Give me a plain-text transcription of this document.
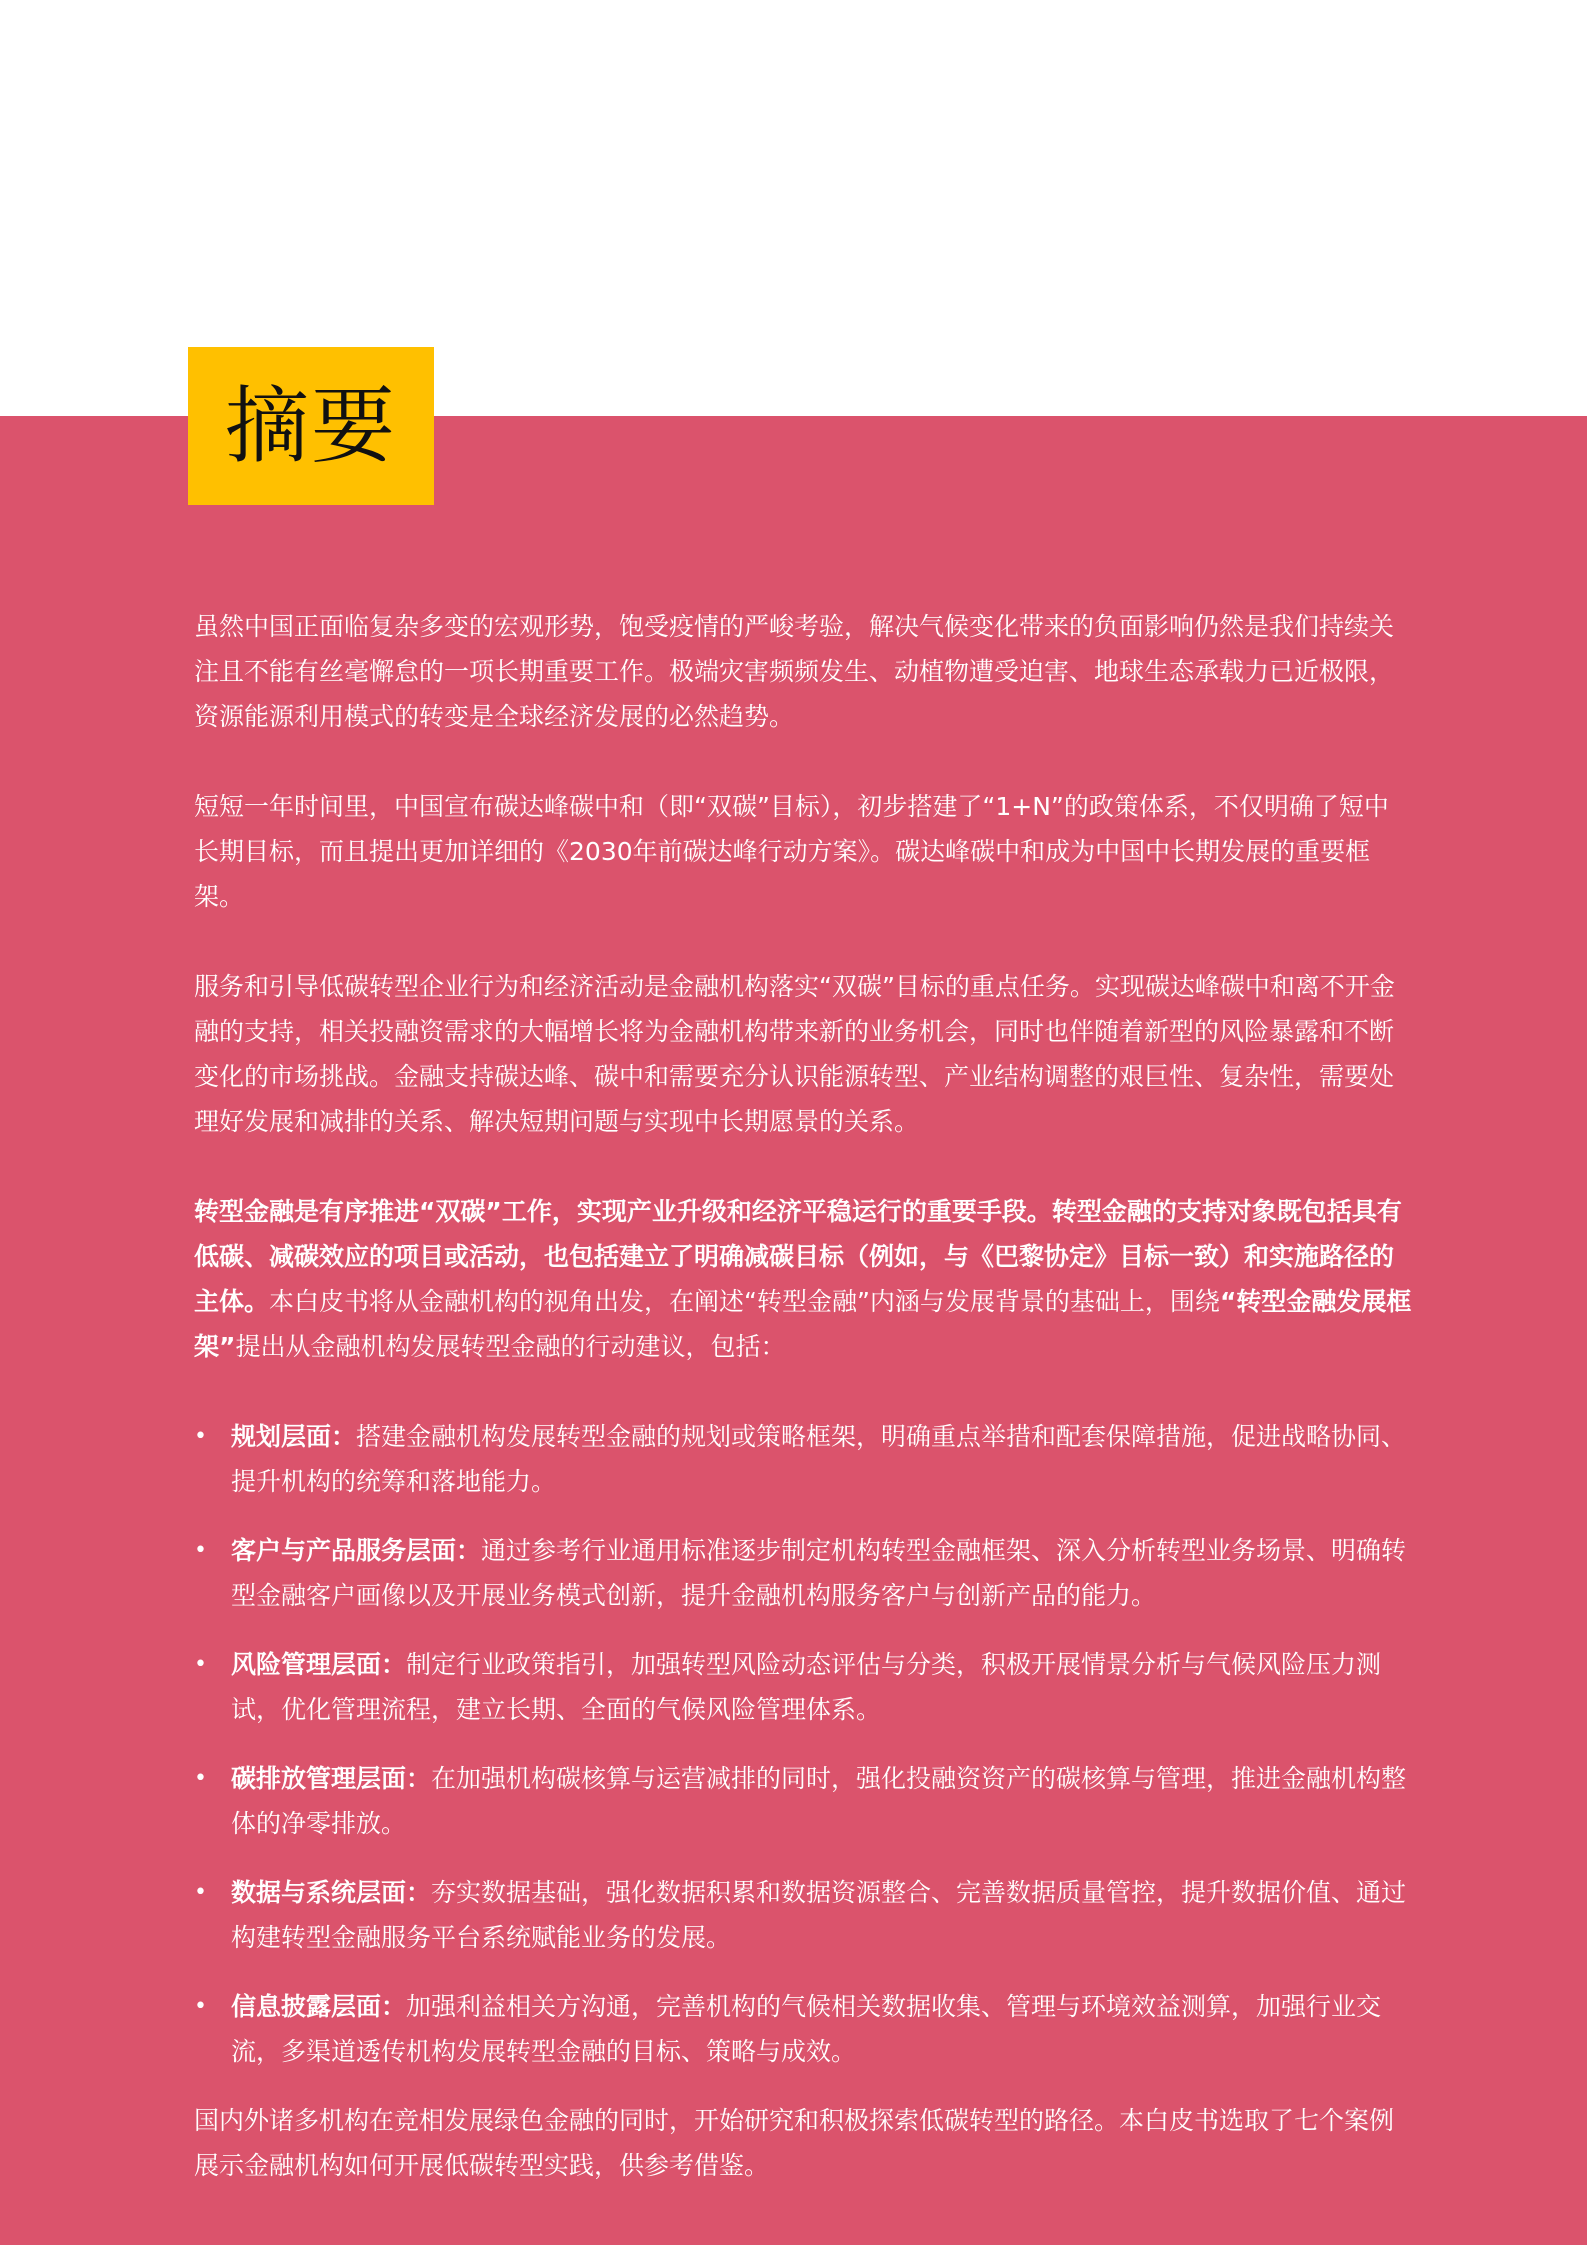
摘要

虽然中国正面临复杂多变的宏观形势，饱受疫情的严峻考验，解决气候变化带来的负面影响仍然是我们持续关注且不能有丝毫懈怠的一项长期重要工作。极端灾害频频发生、动植物遭受迫害、地球生态承载力已近极限，资源能源利用模式的转变是全球经济发展的必然趋势。

短短一年时间里，中国宣布碳达峰碳中和（即“双碳”目标），初步搭建了“1+N”的政策体系，不仅明确了短中长期目标，而且提出更加详细的《2030年前碳达峰行动方案》。碳达峰碳中和成为中国中长期发展的重要框架。

服务和引导低碳转型企业行为和经济活动是金融机构落实“双碳”目标的重点任务。实现碳达峰碳中和离不开金融的支持，相关投融资需求的大幅增长将为金融机构带来新的业务机会，同时也伴随着新型的风险暴露和不断变化的市场挑战。金融支持碳达峰、碳中和需要充分认识能源转型、产业结构调整的艰巨性、复杂性，需要处理好发展和减排的关系、解决短期问题与实现中长期愿景的关系。

转型金融是有序推进“双碳”工作，实现产业升级和经济平稳运行的重要手段。转型金融的支持对象既包括具有低碳、减碳效应的项目或活动，也包括建立了明确减碳目标（例如，与《巴黎协定》目标一致）和实施路径的主体。本白皮书将从金融机构的视角出发，在阐述“转型金融”内涵与发展背景的基础上，围绕“转型金融发展框架”提出从金融机构发展转型金融的行动建议，包括：

• 规划层面：搭建金融机构发展转型金融的规划或策略框架，明确重点举措和配套保障措施，促进战略协同、提升机构的统筹和落地能力。
• 客户与产品服务层面：通过参考行业通用标准逐步制定机构转型金融框架、深入分析转型业务场景、明确转型金融客户画像以及开展业务模式创新，提升金融机构服务客户与创新产品的能力。
• 风险管理层面：制定行业政策指引，加强转型风险动态评估与分类，积极开展情景分析与气候风险压力测试，优化管理流程，建立长期、全面的气候风险管理体系。
• 碳排放管理层面：在加强机构碳核算与运营减排的同时，强化投融资资产的碳核算与管理，推进金融机构整体的净零排放。
• 数据与系统层面：夯实数据基础，强化数据积累和数据资源整合、完善数据质量管控，提升数据价值、通过构建转型金融服务平台系统赋能业务的发展。
• 信息披露层面：加强利益相关方沟通，完善机构的气候相关数据收集、管理与环境效益测算，加强行业交流，多渠道透传机构发展转型金融的目标、策略与成效。

国内外诸多机构在竞相发展绿色金融的同时，开始研究和积极探索低碳转型的路径。本白皮书选取了七个案例展示金融机构如何开展低碳转型实践，供参考借鉴。
